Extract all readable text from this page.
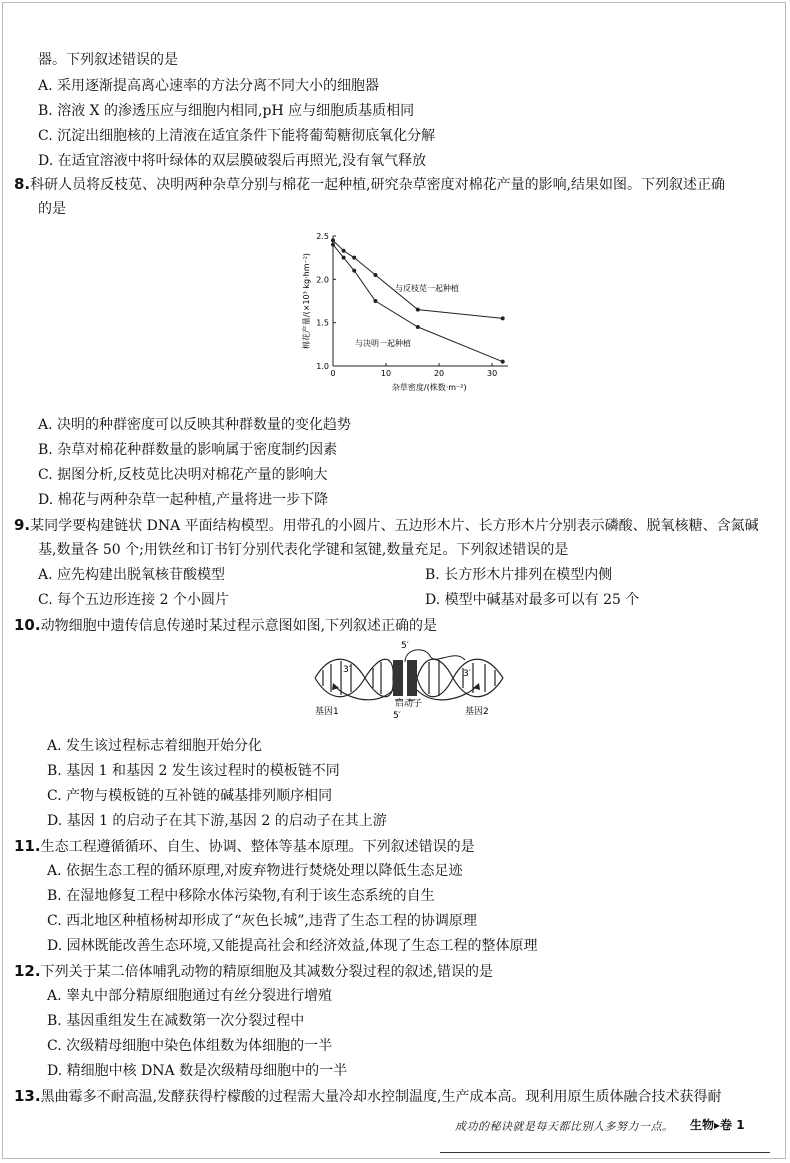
器。下列叙述错误的是
A. 采用逐渐提高离心速率的方法分离不同大小的细胞器
B. 溶液 X 的渗透压应与细胞内相同,pH 应与细胞质基质相同
C. 沉淀出细胞核的上清液在适宜条件下能将葡萄糖彻底氧化分解
D. 在适宜溶液中将叶绿体的双层膜破裂后再照光,没有氧气释放
8.科研人员将反枝苋、决明两种杂草分别与棉花一起种植,研究杂草密度对棉花产量的影响,结果如图。下列叙述正确
的是
1.0
1.5
2.0
2.5
0	10	20	30
棉花产量/(×10³ kg·hm⁻²)
杂草密度/(株数·m⁻²)
与反枝苋一起种植
与决明一起种植
A. 决明的种群密度可以反映其种群数量的变化趋势
B. 杂草对棉花种群数量的影响属于密度制约因素
C. 据图分析,反枝苋比决明对棉花产量的影响大
D. 棉花与两种杂草一起种植,产量将进一步下降
9.某同学要构建链状 DNA 平面结构模型。用带孔的小圆片、五边形木片、长方形木片分别表示磷酸、脱氧核糖、含氮碱
基,数量各 50 个;用铁丝和订书钉分别代表化学键和氢键,数量充足。下列叙述错误的是
A. 应先构建出脱氧核苷酸模型	B. 长方形木片排列在模型内侧
C. 每个五边形连接 2 个小圆片	D. 模型中碱基对最多可以有 25 个
10.动物细胞中遗传信息传递时某过程示意图如图,下列叙述正确的是
5′
3′	3′
启动子
5′
基因1	基因2
A. 发生该过程标志着细胞开始分化
B. 基因 1 和基因 2 发生该过程时的模板链不同
C. 产物与模板链的互补链的碱基排列顺序相同
D. 基因 1 的启动子在其下游,基因 2 的启动子在其上游
11.生态工程遵循循环、自生、协调、整体等基本原理。下列叙述错误的是
A. 依据生态工程的循环原理,对废弃物进行焚烧处理以降低生态足迹
B. 在湿地修复工程中移除水体污染物,有利于该生态系统的自生
C. 西北地区种植杨树却形成了“灰色长城”,违背了生态工程的协调原理
D. 园林既能改善生态环境,又能提高社会和经济效益,体现了生态工程的整体原理
12.下列关于某二倍体哺乳动物的精原细胞及其减数分裂过程的叙述,错误的是
A. 睾丸中部分精原细胞通过有丝分裂进行增殖
B. 基因重组发生在减数第一次分裂过程中
C. 次级精母细胞中染色体组数为体细胞的一半
D. 精细胞中核 DNA 数是次级精母细胞中的一半
13.黑曲霉多不耐高温,发酵获得柠檬酸的过程需大量冷却水控制温度,生产成本高。现利用原生质体融合技术获得耐
成功的秘诀就是每天都比别人多努力一点。 生物▸卷 1
